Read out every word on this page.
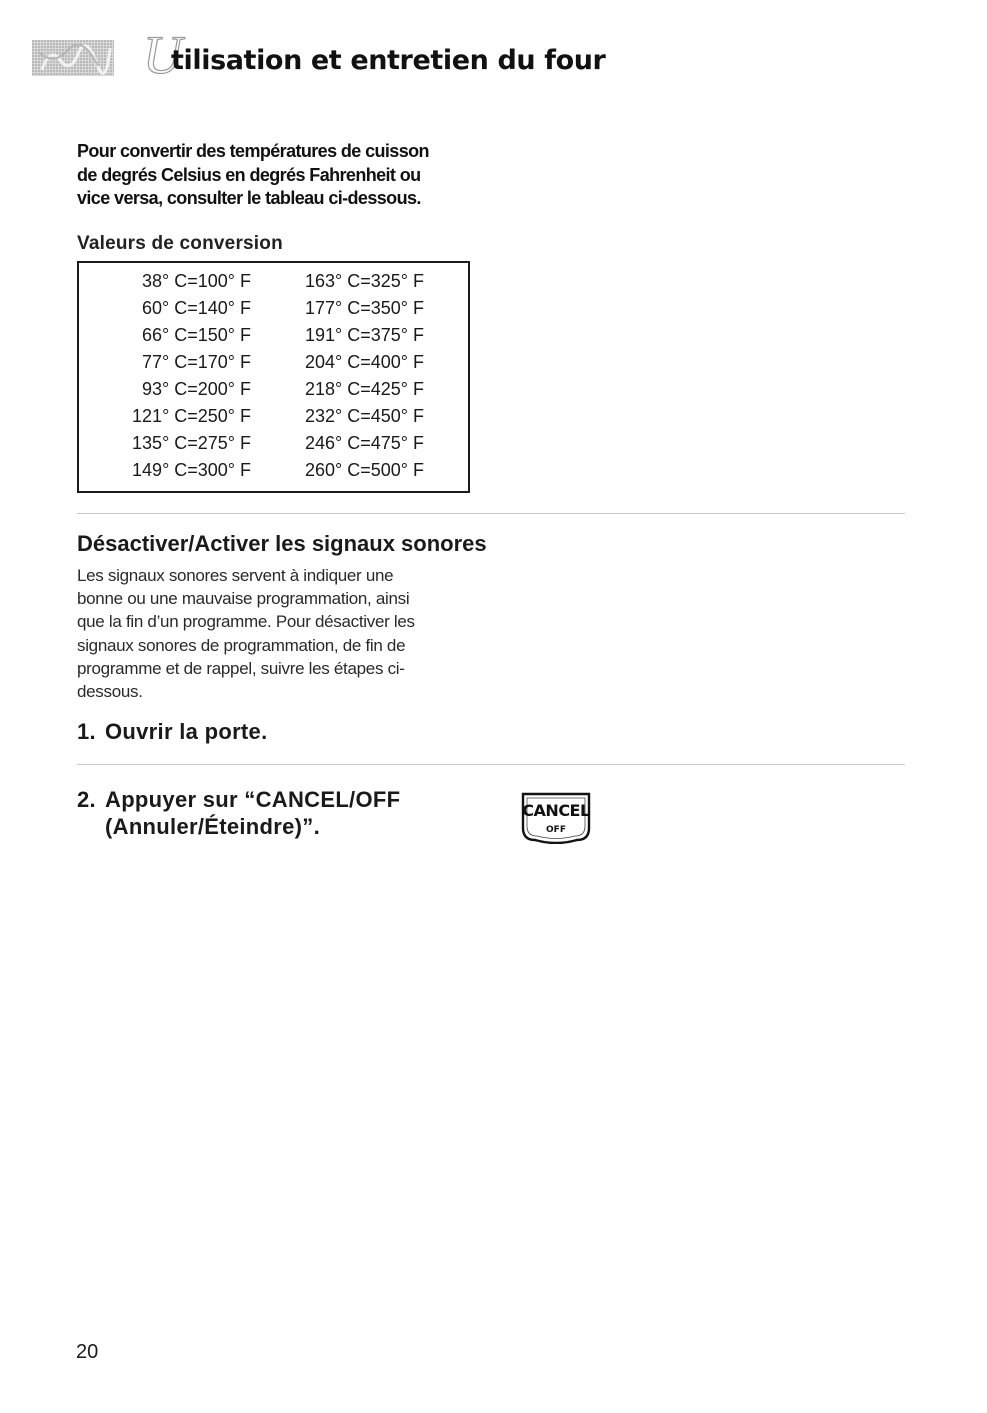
U
tilisation et entretien du four
Pour convertir des températures de cuisson
de degrés Celsius en degrés Fahrenheit ou
vice versa, consulter le tableau ci-dessous.
Valeurs de conversion
38° C=100° F
60° C=140° F
66° C=150° F
77° C=170° F
93° C=200° F
121° C=250° F
135° C=275° F
149° C=300° F
163° C=325° F
177° C=350° F
191° C=375° F
204° C=400° F
218° C=425° F
232° C=450° F
246° C=475° F
260° C=500° F
Désactiver/Activer les signaux sonores
Les signaux sonores servent à indiquer une
bonne ou une mauvaise programmation, ainsi
que la fin d’un programme. Pour désactiver les
signaux sonores de programmation, de fin de
programme et de rappel, suivre les étapes ci-
dessous.
1. Ouvrir la porte.
2. Appuyer sur “CANCEL/OFF
(Annuler/Éteindre)”.
CANCEL
OFF
20
